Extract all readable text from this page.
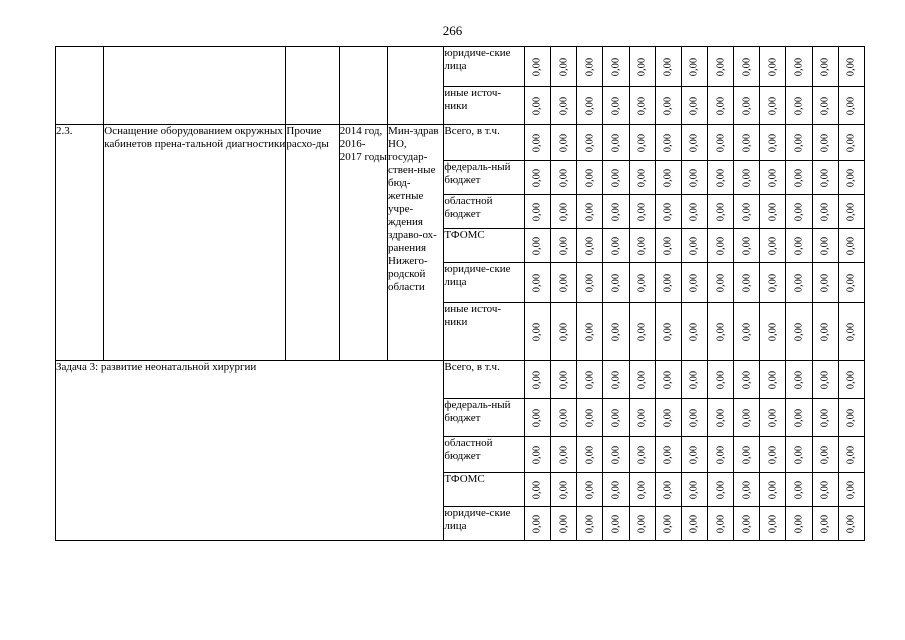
266
					юридиче-ские лица	0,00	0,00	0,00	0,00	0,00	0,00	0,00	0,00	0,00	0,00	0,00	0,00	0,00

					иные источ-ники	0,00	0,00	0,00	0,00	0,00	0,00	0,00	0,00	0,00	0,00	0,00	0,00	0,00

2.3.	Оснащение оборудованием окружных кабинетов прена-тальной диагностики	Прочие расхо-ды	2014 год, 2016-2017 годы	Мин-здрав НО, государ-ствен-ные бюд-жетные учре-ждения здраво-ох-ранения Нижего-родской области	Всего, в т.ч.	0,00	0,00	0,00	0,00	0,00	0,00	0,00	0,00	0,00	0,00	0,00	0,00	0,00

					федераль-ный бюджет	0,00	0,00	0,00	0,00	0,00	0,00	0,00	0,00	0,00	0,00	0,00	0,00	0,00

					областной бюджет	0,00	0,00	0,00	0,00	0,00	0,00	0,00	0,00	0,00	0,00	0,00	0,00	0,00

					ТФОМС	0,00	0,00	0,00	0,00	0,00	0,00	0,00	0,00	0,00	0,00	0,00	0,00	0,00

					юридиче-ские лица	0,00	0,00	0,00	0,00	0,00	0,00	0,00	0,00	0,00	0,00	0,00	0,00	0,00

					иные источ-ники	0,00	0,00	0,00	0,00	0,00	0,00	0,00	0,00	0,00	0,00	0,00	0,00	0,00

Задача 3: развитие неонатальной хирургии					Всего, в т.ч.	0,00	0,00	0,00	0,00	0,00	0,00	0,00	0,00	0,00	0,00	0,00	0,00	0,00

					федераль-ный бюджет	0,00	0,00	0,00	0,00	0,00	0,00	0,00	0,00	0,00	0,00	0,00	0,00	0,00

					областной бюджет	0,00	0,00	0,00	0,00	0,00	0,00	0,00	0,00	0,00	0,00	0,00	0,00	0,00

					ТФОМС	0,00	0,00	0,00	0,00	0,00	0,00	0,00	0,00	0,00	0,00	0,00	0,00	0,00

					юридиче-ские лица	0,00	0,00	0,00	0,00	0,00	0,00	0,00	0,00	0,00	0,00	0,00	0,00	0,00
